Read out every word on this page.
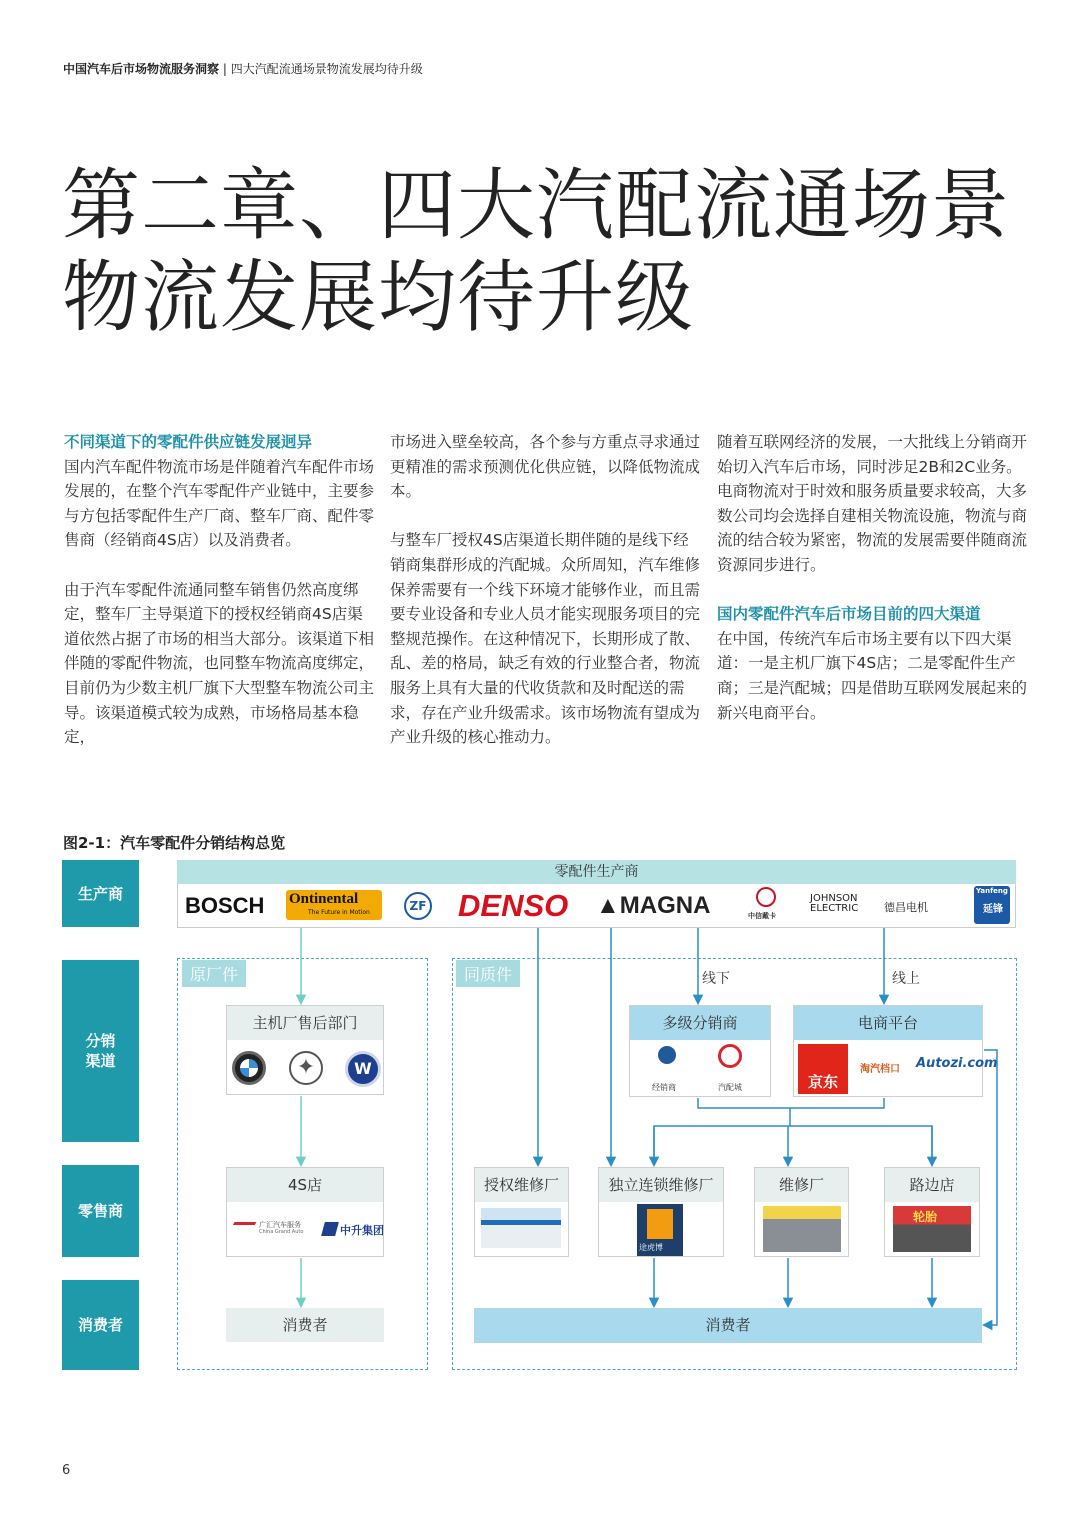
中国汽车后市场物流服务洞察 | 四大汽配流通场景物流发展均待升级
第二章、四大汽配流通场景
物流发展均待升级
不同渠道下的零配件供应链发展迥异

国内汽车配件物流市场是伴随着汽车配件市场发展的，在整个汽车零配件产业链中，主要参与方包括零配件生产厂商、整车厂商、配件零售商（经销商4S店）以及消费者。

由于汽车零配件流通同整车销售仍然高度绑定，整车厂主导渠道下的授权经销商4S店渠道依然占据了市场的相当大部分。该渠道下相伴随的零配件物流，也同整车物流高度绑定，目前仍为少数主机厂旗下大型整车物流公司主导。该渠道模式较为成熟，市场格局基本稳定，

市场进入壁垒较高，各个参与方重点寻求通过更精准的需求预测优化供应链，以降低物流成本。

与整车厂授权4S店渠道长期伴随的是线下经销商集群形成的汽配城。众所周知，汽车维修保养需要有一个线下环境才能够作业，而且需要专业设备和专业人员才能实现服务项目的完整规范操作。在这种情况下，长期形成了散、乱、差的格局，缺乏有效的行业整合者，物流服务上具有大量的代收货款和及时配送的需求，存在产业升级需求。该市场物流有望成为产业升级的核心推动力。

随着互联网经济的发展，一大批线上分销商开始切入汽车后市场，同时涉足2B和2C业务。电商物流对于时效和服务质量要求较高，大多数公司均会选择自建相关物流设施，物流与商流的结合较为紧密，物流的发展需要伴随商流资源同步进行。

国内零配件汽车后市场目前的四大渠道

在中国，传统汽车后市场主要有以下四大渠道：一是主机厂旗下4S店；二是零配件生产商；三是汽配城；四是借助互联网发展起来的新兴电商平台。

图2-1：汽车零配件分销结构总览
生产商
分销
渠道
零售商
消费者
零配件生产商
BOSCH Ontinental
The Future in Motion	ZF DENSO ▲MAGNA	中信戴卡
JOHNSON
ELECTRIC 德昌电机
Yanfeng
延锋
原厂件	同质件	线下	线上
主机厂售后部门
✦	W
4S店
广汇汽车服务
China Grand Auto	中升集团
消费者
多级分销商
经销商	汽配城
电商平台
京东
淘汽档口 Autozi.com
授权维修厂	独立连锁维修厂
途虎博
维修厂	路边店
轮胎
消费者
6
